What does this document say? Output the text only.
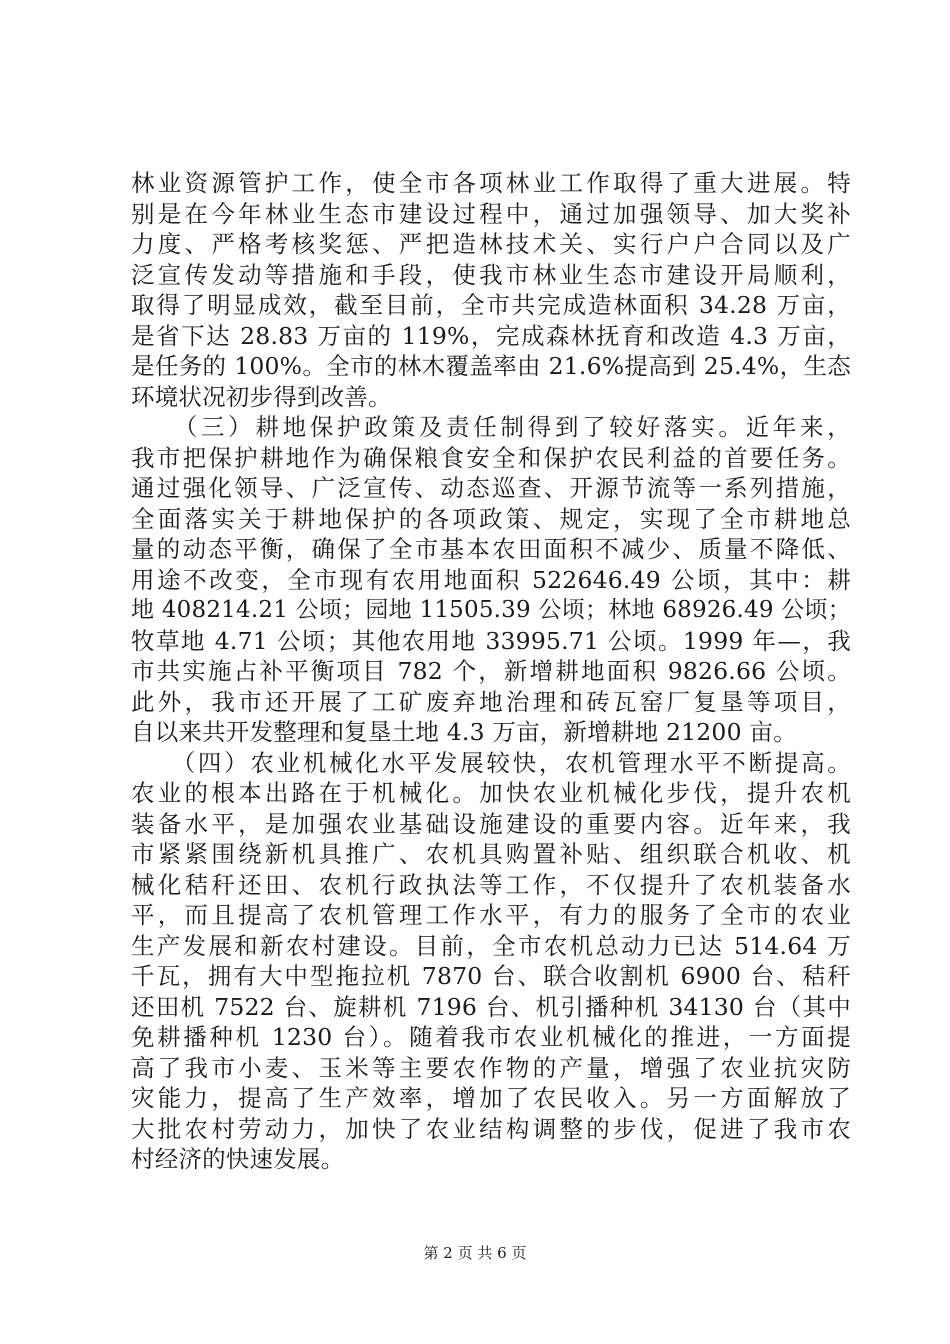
林业资源管护工作，使全市各项林业工作取得了重大进展。特
别是在今年林业生态市建设过程中，通过加强领导、加大奖补
力度、严格考核奖惩、严把造林技术关、实行户户合同以及广
泛宣传发动等措施和手段，使我市林业生态市建设开局顺利，
取得了明显成效，截至目前，全市共完成造林面积 34.28 万亩，
是省下达 28.83 万亩的 119%，完成森林抚育和改造 4.3 万亩，
是任务的 100%。全市的林木覆盖率由 21.6%提高到 25.4%，生态
环境状况初步得到改善。
　　（三）耕地保护政策及责任制得到了较好落实。近年来，
我市把保护耕地作为确保粮食安全和保护农民利益的首要任务。
通过强化领导、广泛宣传、动态巡查、开源节流等一系列措施，
全面落实关于耕地保护的各项政策、规定，实现了全市耕地总
量的动态平衡，确保了全市基本农田面积不减少、质量不降低、
用途不改变，全市现有农用地面积 522646.49 公顷，其中：耕
地 408214.21 公顷；园地 11505.39 公顷；林地 68926.49 公顷；
牧草地 4.71 公顷；其他农用地 33995.71 公顷。1999 年—，我
市共实施占补平衡项目 782 个，新增耕地面积 9826.66 公顷。
此外，我市还开展了工矿废弃地治理和砖瓦窑厂复垦等项目，
自以来共开发整理和复垦土地 4.3 万亩，新增耕地 21200 亩。
　　（四）农业机械化水平发展较快，农机管理水平不断提高。
农业的根本出路在于机械化。加快农业机械化步伐，提升农机
装备水平，是加强农业基础设施建设的重要内容。近年来，我
市紧紧围绕新机具推广、农机具购置补贴、组织联合机收、机
械化秸秆还田、农机行政执法等工作，不仅提升了农机装备水
平，而且提高了农机管理工作水平，有力的服务了全市的农业
生产发展和新农村建设。目前，全市农机总动力已达 514.64 万
千瓦，拥有大中型拖拉机 7870 台、联合收割机 6900 台、秸秆
还田机 7522 台、旋耕机 7196 台、机引播种机 34130 台（其中
免耕播种机 1230 台）。随着我市农业机械化的推进，一方面提
高了我市小麦、玉米等主要农作物的产量，增强了农业抗灾防
灾能力，提高了生产效率，增加了农民收入。另一方面解放了
大批农村劳动力，加快了农业结构调整的步伐，促进了我市农
村经济的快速发展。
第 2 页 共 6 页
